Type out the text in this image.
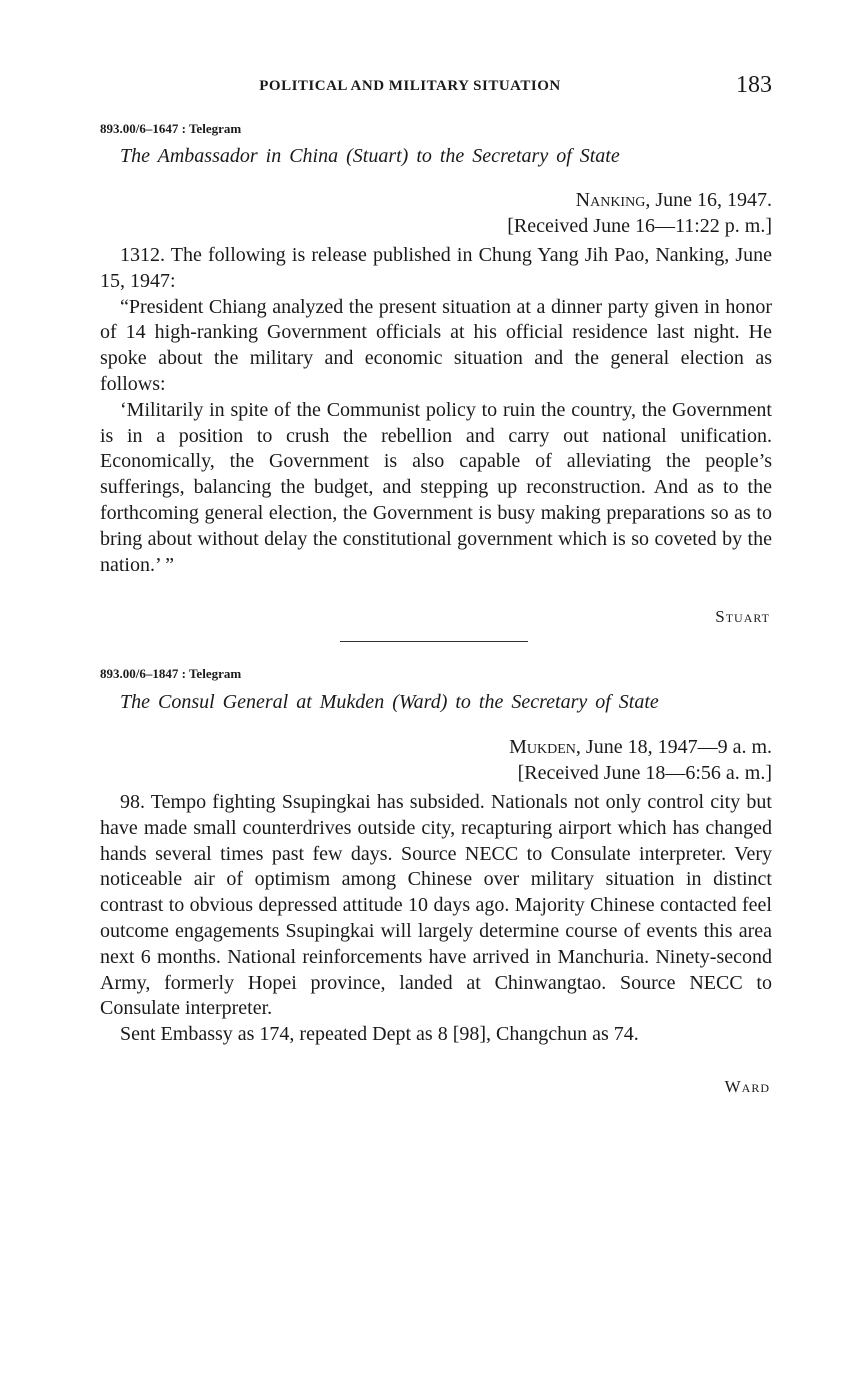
POLITICAL AND MILITARY SITUATION	183
893.00/6–1647 : Telegram
The Ambassador in China (Stuart) to the Secretary of State
Nanking, June 16, 1947.
[Received June 16—11:22 p. m.]

1312. The following is release published in Chung Yang Jih Pao, Nanking, June 15, 1947:

“President Chiang analyzed the present situation at a dinner party given in honor of 14 high-ranking Government officials at his official residence last night. He spoke about the military and economic situation and the general election as follows:

‘Militarily in spite of the Communist policy to ruin the country, the Government is in a position to crush the rebellion and carry out national unification. Economically, the Government is also capable of alleviating the people’s sufferings, balancing the budget, and stepping up reconstruction. And as to the forthcoming general election, the Government is busy making preparations so as to bring about without delay the constitutional government which is so coveted by the nation.’ ”

Stuart
893.00/6–1847 : Telegram
The Consul General at Mukden (Ward) to the Secretary of State
Mukden, June 18, 1947—9 a. m.
[Received June 18—6:56 a. m.]

98. Tempo fighting Ssupingkai has subsided. Nationals not only control city but have made small counterdrives outside city, recapturing airport which has changed hands several times past few days. Source NECC to Consulate interpreter. Very noticeable air of optimism among Chinese over military situation in distinct contrast to obvious depressed attitude 10 days ago. Majority Chinese contacted feel outcome engagements Ssupingkai will largely determine course of events this area next 6 months. National reinforcements have arrived in Manchuria. Ninety-second Army, formerly Hopei province, landed at Chinwangtao. Source NECC to Consulate interpreter.

Sent Embassy as 174, repeated Dept as 8 [98], Changchun as 74.

Ward
